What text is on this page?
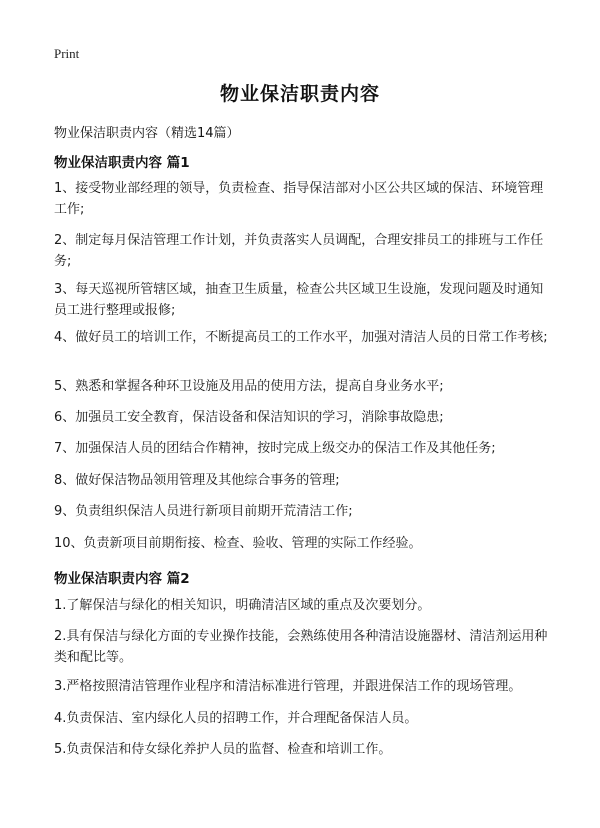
Print
物业保洁职责内容
物业保洁职责内容（精选14篇）
物业保洁职责内容 篇1
1、接受物业部经理的领导，负责检查、指导保洁部对小区公共区域的保洁、环境管理工作;
2、制定每月保洁管理工作计划，并负责落实人员调配，合理安排员工的排班与工作任务;
3、每天巡视所管辖区域，抽查卫生质量，检查公共区域卫生设施，发现问题及时通知员工进行整理或报修;
4、做好员工的培训工作，不断提高员工的工作水平，加强对清洁人员的日常工作考核;
5、熟悉和掌握各种环卫设施及用品的使用方法，提高自身业务水平;
6、加强员工安全教育，保洁设备和保洁知识的学习，消除事故隐患;
7、加强保洁人员的团结合作精神，按时完成上级交办的保洁工作及其他任务;
8、做好保洁物品领用管理及其他综合事务的管理;
9、负责组织保洁人员进行新项目前期开荒清洁工作;
10、负责新项目前期衔接、检查、验收、管理的实际工作经验。
物业保洁职责内容 篇2
1.了解保洁与绿化的相关知识，明确清洁区域的重点及次要划分。
2.具有保洁与绿化方面的专业操作技能，会熟练使用各种清洁设施器材、清洁剂运用种类和配比等。
3.严格按照清洁管理作业程序和清洁标准进行管理，并跟进保洁工作的现场管理。
4.负责保洁、室内绿化人员的招聘工作，并合理配备保洁人员。
5.负责保洁和侍女绿化养护人员的监督、检查和培训工作。
